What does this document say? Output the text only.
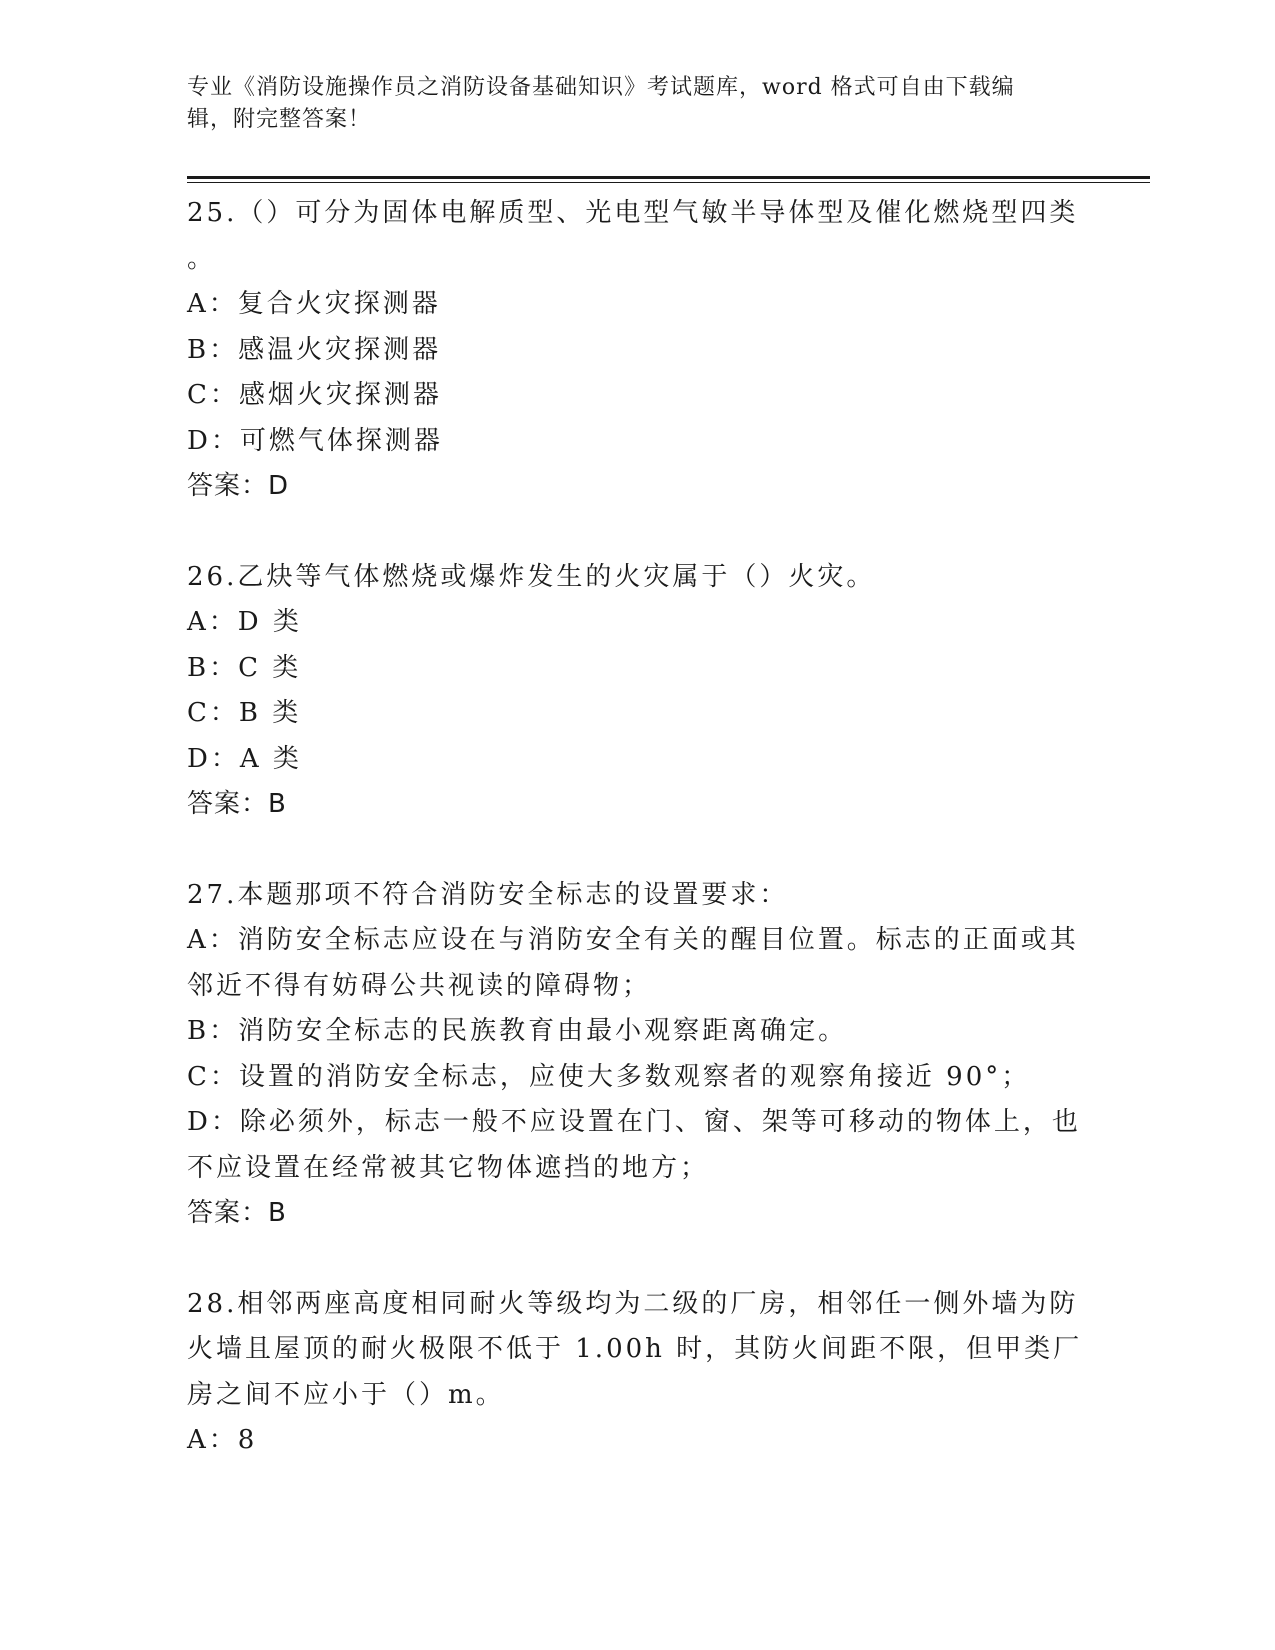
专业《消防设施操作员之消防设备基础知识》考试题库，word 格式可自由下载编
辑，附完整答案！
25.（）可分为固体电解质型、光电型气敏半导体型及催化燃烧型四类
。
A：复合火灾探测器
B：感温火灾探测器
C：感烟火灾探测器
D：可燃气体探测器
答案：D
26.乙炔等气体燃烧或爆炸发生的火灾属于（）火灾。
A：D 类
B：C 类
C：B 类
D：A 类
答案：B
27.本题那项不符合消防安全标志的设置要求：
A：消防安全标志应设在与消防安全有关的醒目位置。标志的正面或其
邻近不得有妨碍公共视读的障碍物；
B：消防安全标志的民族教育由最小观察距离确定。
C：设置的消防安全标志，应使大多数观察者的观察角接近 90°；
D：除必须外，标志一般不应设置在门、窗、架等可移动的物体上，也
不应设置在经常被其它物体遮挡的地方；
答案：B
28.相邻两座高度相同耐火等级均为二级的厂房，相邻任一侧外墙为防
火墙且屋顶的耐火极限不低于 1.00h 时，其防火间距不限，但甲类厂
房之间不应小于（）m。
A：8
